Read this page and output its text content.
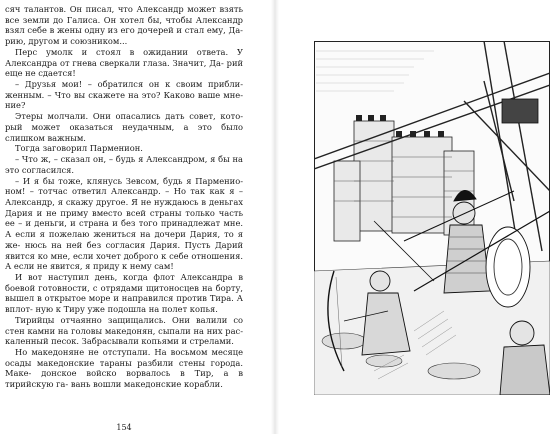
сяч талантов. Он писал, что Александр может взять все земли до Галиса. Он хотел бы, чтобы Александр взял себе в жены одну из его дочерей и стал ему, Да- рию, другом и союзником...

Перс умолк и стоял в ожидании ответа. У Александра от гнева сверкали глаза. Значит, Да- рий еще не сдается!

– Друзья мои! – обратился он к своим прибли- женным. – Что вы скажете на это? Каково ваше мне- ние?

Этеры молчали. Они опасались дать совет, кото- рый может оказаться неудачным, а это было слишком важным.

Тогда заговорил Парменион.

– Что ж, – сказал он, – будь я Александром, я бы на это согласился.

– И я бы тоже, клянусь Зевсом, будь я Парменио- ном! – тотчас ответил Александр. – Но так как я – Александр, я скажу другое. Я не нуждаюсь в деньгах Дария и не приму вместо всей страны только часть ее – и деньги, и страна и без того принадлежат мне. А если я пожелаю жениться на дочери Дария, то я же- нюсь на ней без согласия Дария. Пусть Дарий явится ко мне, если хочет доброго к себе отношения. А если не явится, я приду к нему сам!

И вот наступил день, когда флот Александра в боевой готовности, с отрядами щитоносцев на борту, вышел в открытое море и направился против Тира. А вплот- ную к Тиру уже подошла на полет копья.

Тирийцы отчаянно защищались. Они валили со стен камни на головы македонян, сыпали на них рас- каленный песок. Забрасывали копьями и стрелами.

Но македоняне не отступали. На восьмом месяце осады македонские тараны разбили стены города. Маке- донское войско ворвалось в Тир, а в тирийскую га- вань вошли македонские корабли.

154
